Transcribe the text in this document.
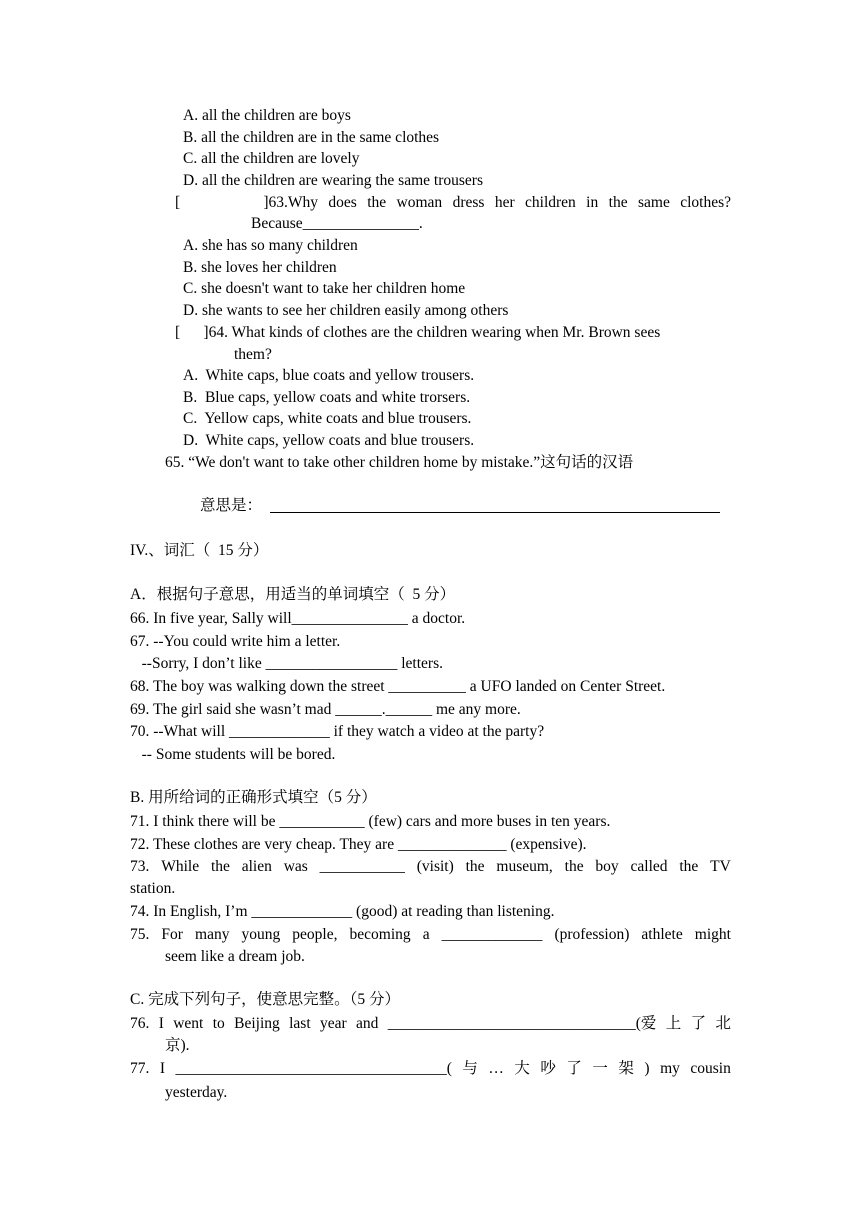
A. all the children are boys
B. all the children are in the same clothes
C. all the children are lovely
D. all the children are wearing the same trousers
[        ]63.Why does the woman dress her children in the same clothes?
Because_______________.
A. she has so many children
B. she loves her children
C. she doesn't want to take her children home
D. she wants to see her children easily among others
[      ]64. What kinds of clothes are the children wearing when Mr. Brown sees
them?
A.  White caps, blue coats and yellow trousers.
B.  Blue caps, yellow coats and white trorsers.
C.  Yellow caps, white coats and blue trousers.
D.  White caps, yellow coats and blue trousers.
65. “We don't want to take other children home by mistake.”这句话的汉语
意思是：
IV.、词汇（  15 分）
A．根据句子意思，用适当的单词填空（  5 分）
66. In five year, Sally will_______________ a doctor.
67. --You could write him a letter.
--Sorry, I don’t like _________________ letters.
68. The boy was walking down the street __________ a UFO landed on Center Street.
69. The girl said she wasn’t mad ______.______ me any more.
70. --What will _____________ if they watch a video at the party?
-- Some students will be bored.
B. 用所给词的正确形式填空（5 分）
71. I think there will be ___________ (few) cars and more buses in ten years.
72. These clothes are very cheap. They are ______________ (expensive).
73. While the alien was ___________ (visit) the museum, the boy called the TV
station.
74. In English, I’m _____________ (good) at reading than listening.
75. For many young people, becoming a _____________ (profession) athlete might
seem like a dream job.
C. 完成下列句子，使意思完整。（5 分）
76. I went to Beijing last year and ________________________________(爱 上 了 北
京).
77. I ___________________________________( 与 … 大 吵 了 一 架 ) my cousin
yesterday.
